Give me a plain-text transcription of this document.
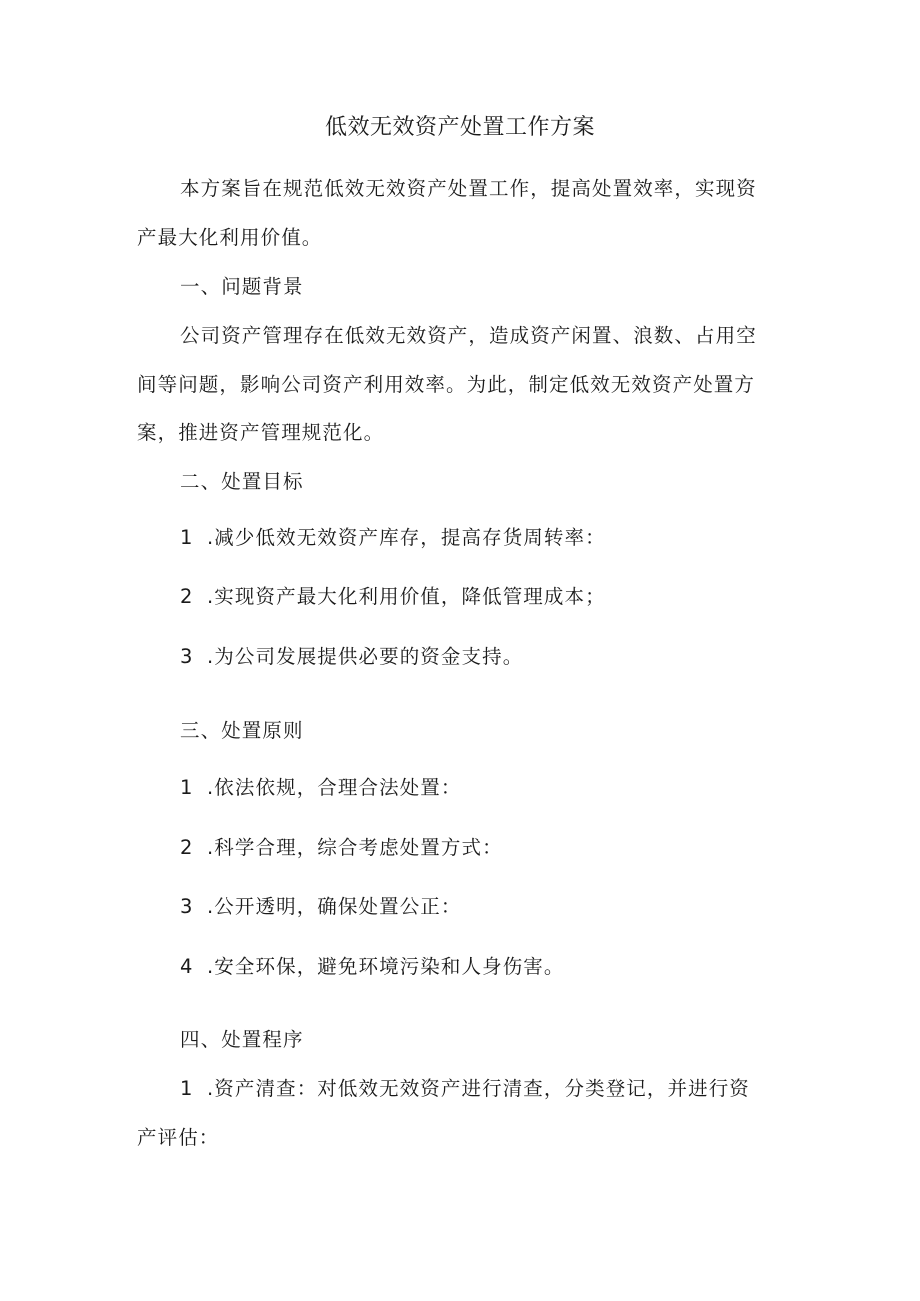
低效无效资产处置工作方案

本方案旨在规范低效无效资产处置工作，提高处置效率，实现资

产最大化利用价值。

一、问题背景

公司资产管理存在低效无效资产，造成资产闲置、浪数、占用空

间等问题，影响公司资产利用效率。为此，制定低效无效资产处置方

案，推进资产管理规范化。

二、处置目标

1 .减少低效无效资产库存，提高存货周转率：

2 .实现资产最大化利用价值，降低管理成本；

3 .为公司发展提供必要的资金支持。

三、处置原则

1 .依法依规，合理合法处置：

2 .科学合理，综合考虑处置方式：

3 .公开透明，确保处置公正：

4 .安全环保，避免环境污染和人身伤害。

四、处置程序

1 .资产清查：对低效无效资产进行清查，分类登记，并进行资

产评估：
